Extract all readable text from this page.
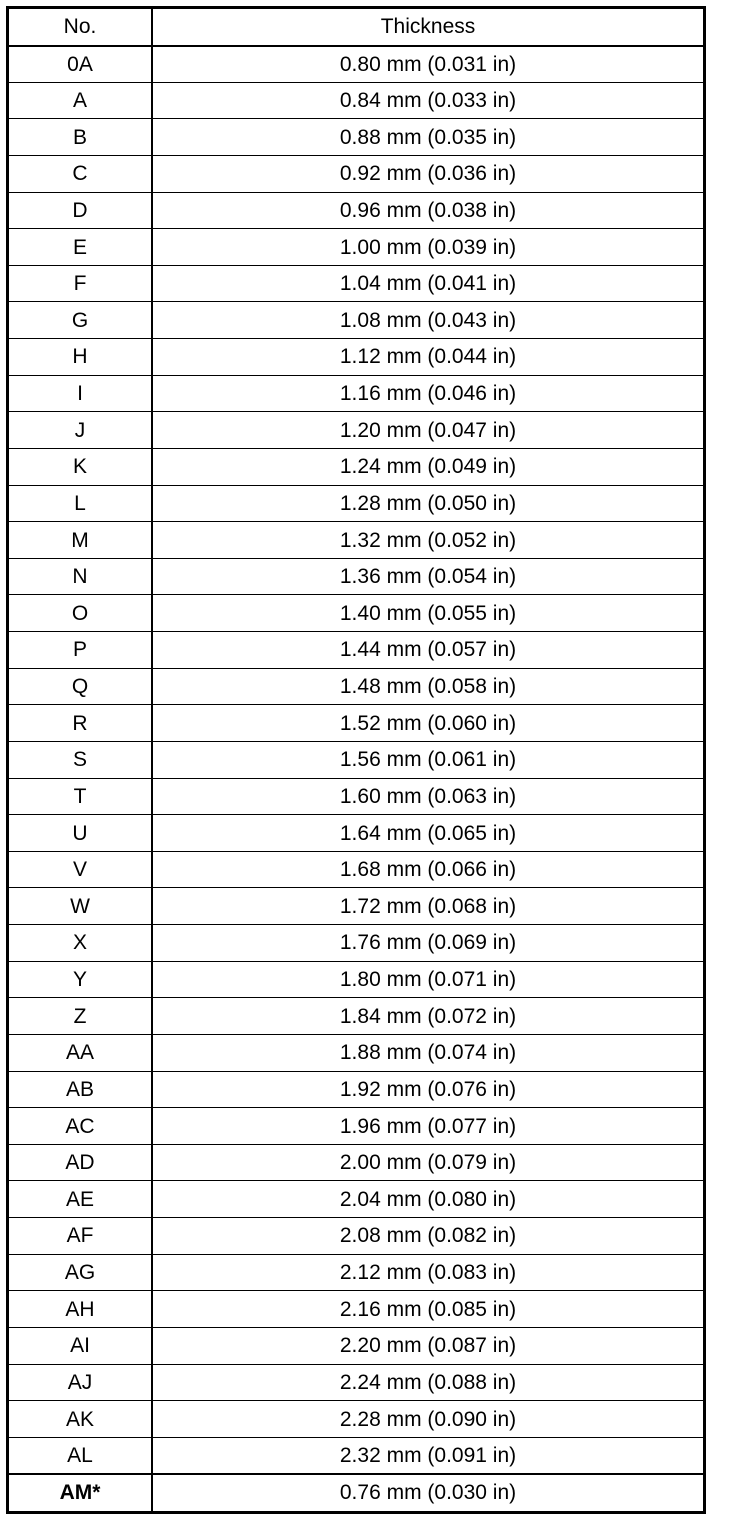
No.	Thickness
0A	0.80 mm (0.031 in)
A	0.84 mm (0.033 in)
B	0.88 mm (0.035 in)
C	0.92 mm (0.036 in)
D	0.96 mm (0.038 in)
E	1.00 mm (0.039 in)
F	1.04 mm (0.041 in)
G	1.08 mm (0.043 in)
H	1.12 mm (0.044 in)
I	1.16 mm (0.046 in)
J	1.20 mm (0.047 in)
K	1.24 mm (0.049 in)
L	1.28 mm (0.050 in)
M	1.32 mm (0.052 in)
N	1.36 mm (0.054 in)
O	1.40 mm (0.055 in)
P	1.44 mm (0.057 in)
Q	1.48 mm (0.058 in)
R	1.52 mm (0.060 in)
S	1.56 mm (0.061 in)
T	1.60 mm (0.063 in)
U	1.64 mm (0.065 in)
V	1.68 mm (0.066 in)
W	1.72 mm (0.068 in)
X	1.76 mm (0.069 in)
Y	1.80 mm (0.071 in)
Z	1.84 mm (0.072 in)
AA	1.88 mm (0.074 in)
AB	1.92 mm (0.076 in)
AC	1.96 mm (0.077 in)
AD	2.00 mm (0.079 in)
AE	2.04 mm (0.080 in)
AF	2.08 mm (0.082 in)
AG	2.12 mm (0.083 in)
AH	2.16 mm (0.085 in)
AI	2.20 mm (0.087 in)
AJ	2.24 mm (0.088 in)
AK	2.28 mm (0.090 in)
AL	2.32 mm (0.091 in)
AM*	0.76 mm (0.030 in)
